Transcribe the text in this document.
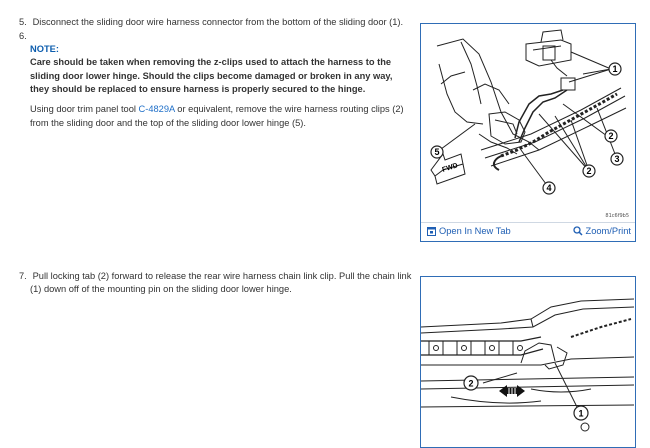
5. Disconnect the sliding door wire harness connector from the bottom of the sliding door (1).
6.
NOTE:
Care should be taken when removing the z-clips used to attach the harness to the sliding door lower hinge. Should the clips become damaged or broken in any way, they should be replaced to ensure harness is properly secured to the hinge.
Using door trim panel tool C-4829A or equivalent, remove the wire harness routing clips (2) from the sliding door and the top of the sliding door lower hinge (5).
FWD
1
2
2
3
4
5
81c6f9b5
Open In New Tab	Zoom/Print
7. Pull locking tab (2) forward to release the rear wire harness chain link clip. Pull the chain link
(1) down off of the mounting pin on the sliding door lower hinge.
2
1
